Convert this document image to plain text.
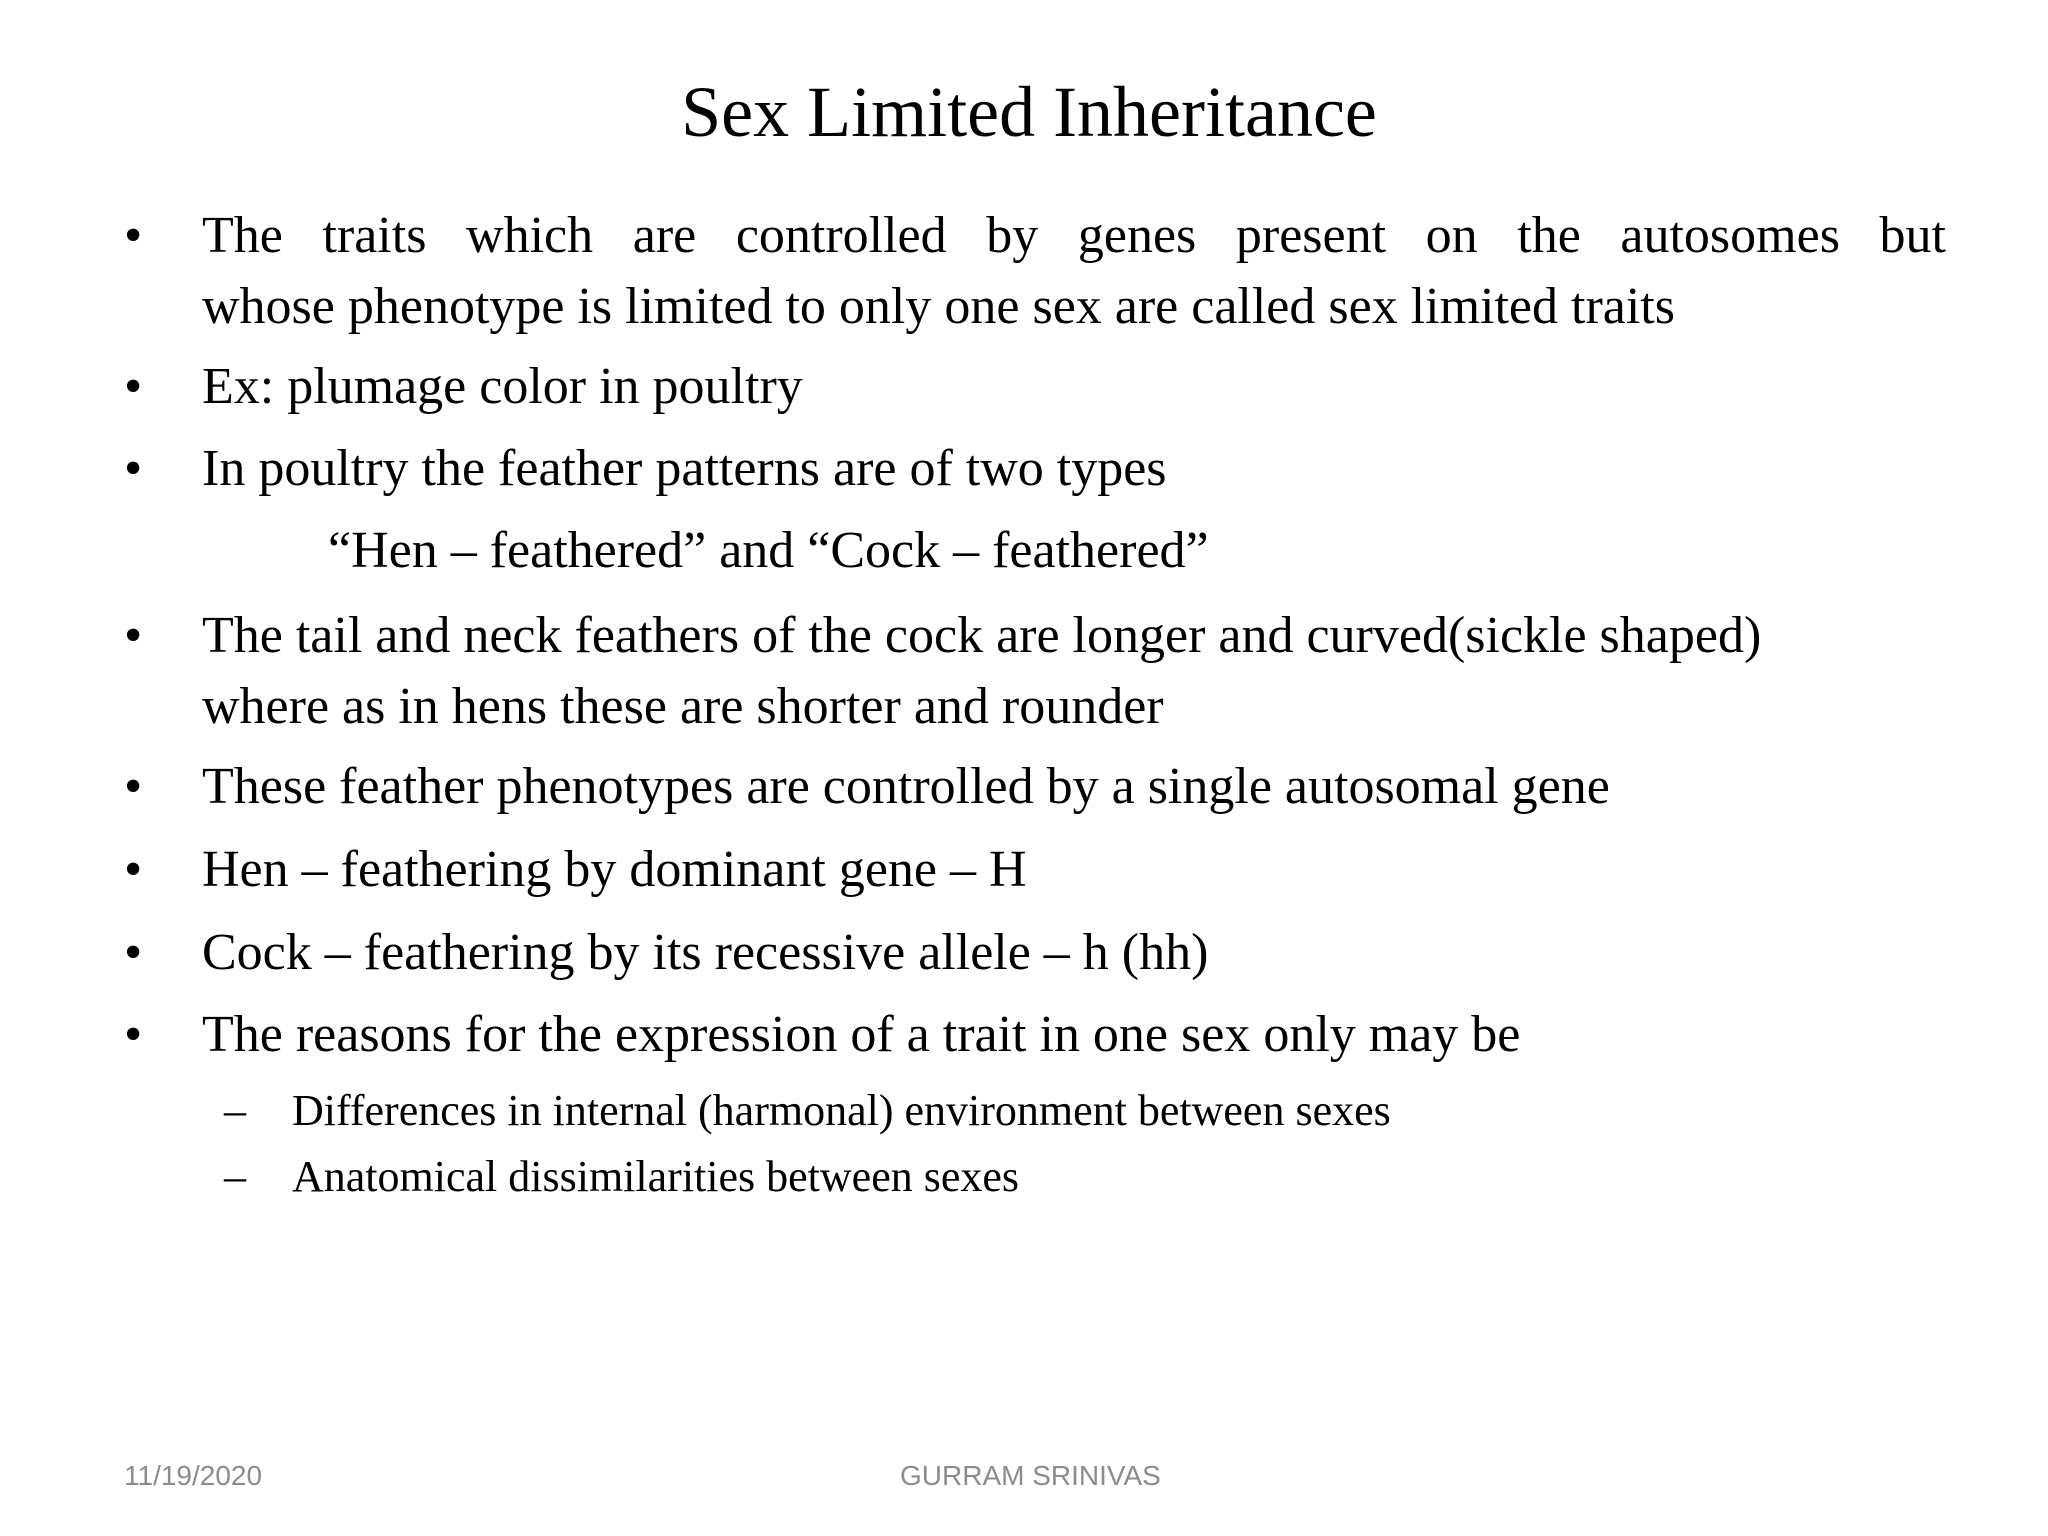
Sex Limited Inheritance
• The traits which are controlled by genes present on the autosomes but
whose phenotype is limited to only one sex are called sex limited traits
• Ex: plumage color in poultry
• In poultry the feather patterns are of two types
“Hen – feathered” and “Cock – feathered”
• The tail and neck feathers of the cock are longer and curved(sickle shaped)
where as in hens these are shorter and rounder
• These feather phenotypes are controlled by a single autosomal gene
• Hen – feathering by dominant gene – H
• Cock – feathering by its recessive allele – h (hh)
• The reasons for the expression of a trait in one sex only may be
– Differences in internal (harmonal) environment between sexes
– Anatomical dissimilarities between sexes
11/19/2020	GURRAM SRINIVAS
